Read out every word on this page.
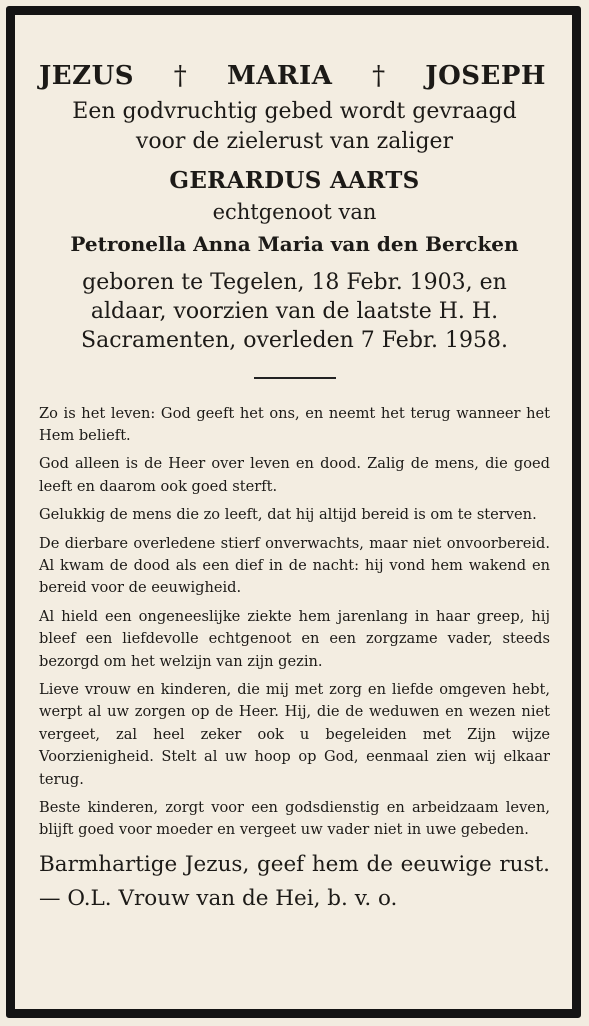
JEZUS † MARIA † JOSEPH
Een godvruchtig gebed wordt gevraagd
voor de zielerust van zaliger
GERARDUS AARTS
echtgenoot van
Petronella Anna Maria van den Bercken
geboren te Tegelen, 18 Febr. 1903, en
aldaar, voorzien van de laatste H. H.
Sacramenten, overleden 7 Febr. 1958.

Zo is het leven: God geeft het ons, en neemt het terug wanneer het Hem belieft.

God alleen is de Heer over leven en dood. Zalig de mens, die goed leeft en daarom ook goed sterft.

Gelukkig de mens die zo leeft, dat hij altijd bereid is om te sterven.

De dierbare overledene stierf onverwachts, maar niet onvoorbereid. Al kwam de dood als een dief in de nacht: hij vond hem wakend en bereid voor de eeuwigheid.

Al hield een ongeneeslijke ziekte hem jarenlang in haar greep, hij bleef een liefdevolle echtgenoot en een zorgzame vader, steeds bezorgd om het welzijn van zijn gezin.

Lieve vrouw en kinderen, die mij met zorg en liefde omgeven hebt, werpt al uw zorgen op de Heer. Hij, die de weduwen en wezen niet vergeet, zal heel zeker ook u begeleiden met Zijn wijze Voorzienigheid. Stelt al uw hoop op God, eenmaal zien wij elkaar terug.

Beste kinderen, zorgt voor een godsdienstig en arbeidzaam leven, blijft goed voor moeder en vergeet uw vader niet in uwe gebeden.

Barmhartige Jezus, geef hem de eeuwige rust. — O.L. Vrouw van de Hei, b. v. o.
